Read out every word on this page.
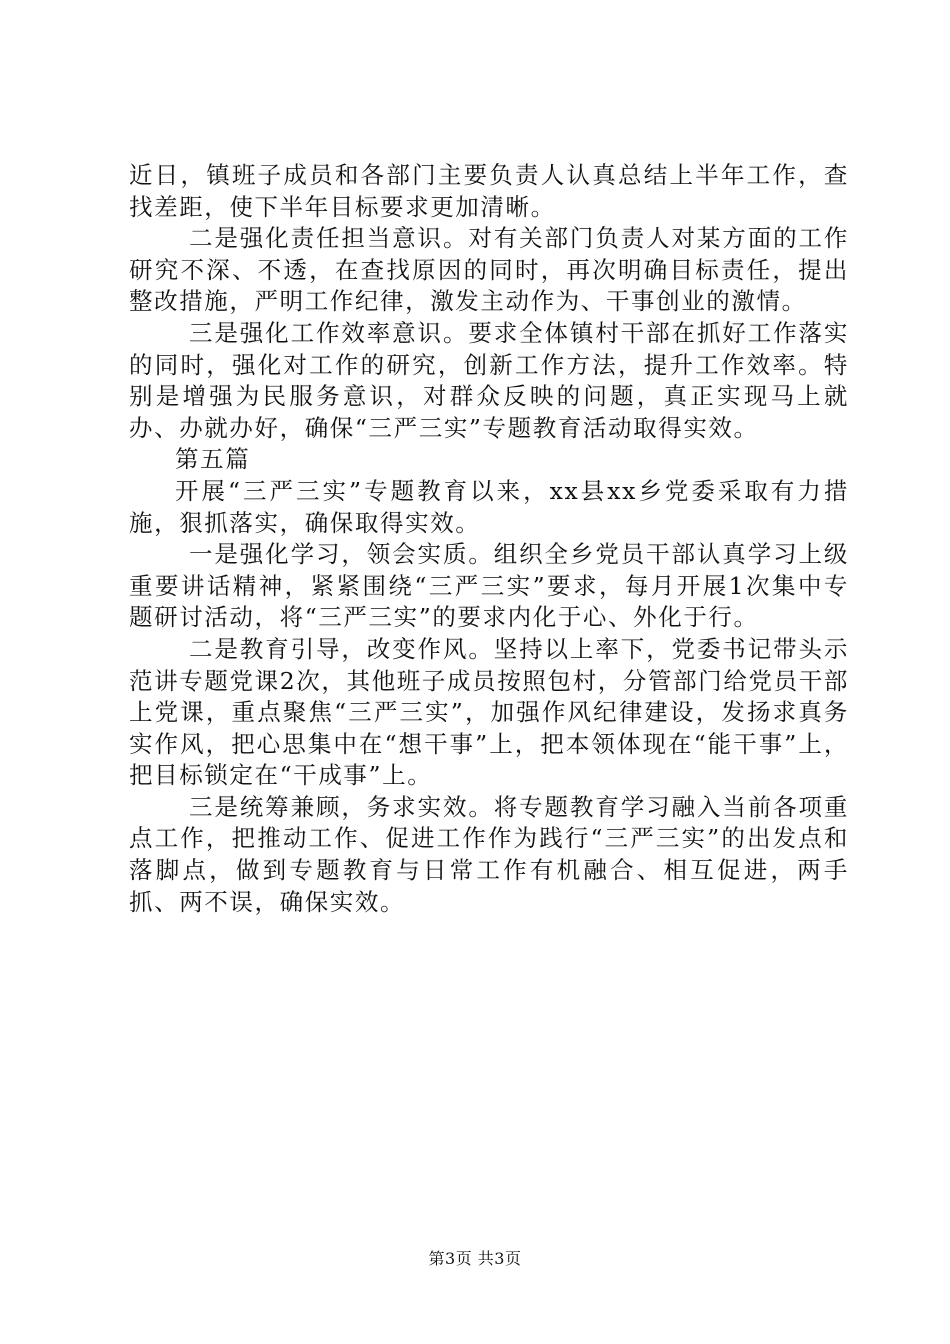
近日，镇班子成员和各部门主要负责人认真总结上半年工作，查找差距，使下半年目标要求更加清晰。

二是强化责任担当意识。对有关部门负责人对某方面的工作研究不深、不透，在查找原因的同时，再次明确目标责任，提出整改措施，严明工作纪律，激发主动作为、干事创业的激情。

三是强化工作效率意识。要求全体镇村干部在抓好工作落实的同时，强化对工作的研究，创新工作方法，提升工作效率。特别是增强为民服务意识，对群众反映的问题，真正实现马上就办、办就办好，确保“三严三实”专题教育活动取得实效。

第五篇

开展“三严三实”专题教育以来，xx县xx乡党委采取有力措施，狠抓落实，确保取得实效。

一是强化学习，领会实质。组织全乡党员干部认真学习上级重要讲话精神，紧紧围绕“三严三实”要求，每月开展1次集中专题研讨活动，将“三严三实”的要求内化于心、外化于行。

二是教育引导，改变作风。坚持以上率下，党委书记带头示范讲专题党课2次，其他班子成员按照包村，分管部门给党员干部上党课，重点聚焦“三严三实”，加强作风纪律建设，发扬求真务实作风，把心思集中在“想干事”上，把本领体现在“能干事”上，把目标锁定在“干成事”上。

三是统筹兼顾，务求实效。将专题教育学习融入当前各项重点工作，把推动工作、促进工作作为践行“三严三实”的出发点和落脚点，做到专题教育与日常工作有机融合、相互促进，两手抓、两不误，确保实效。

第3页 共3页
